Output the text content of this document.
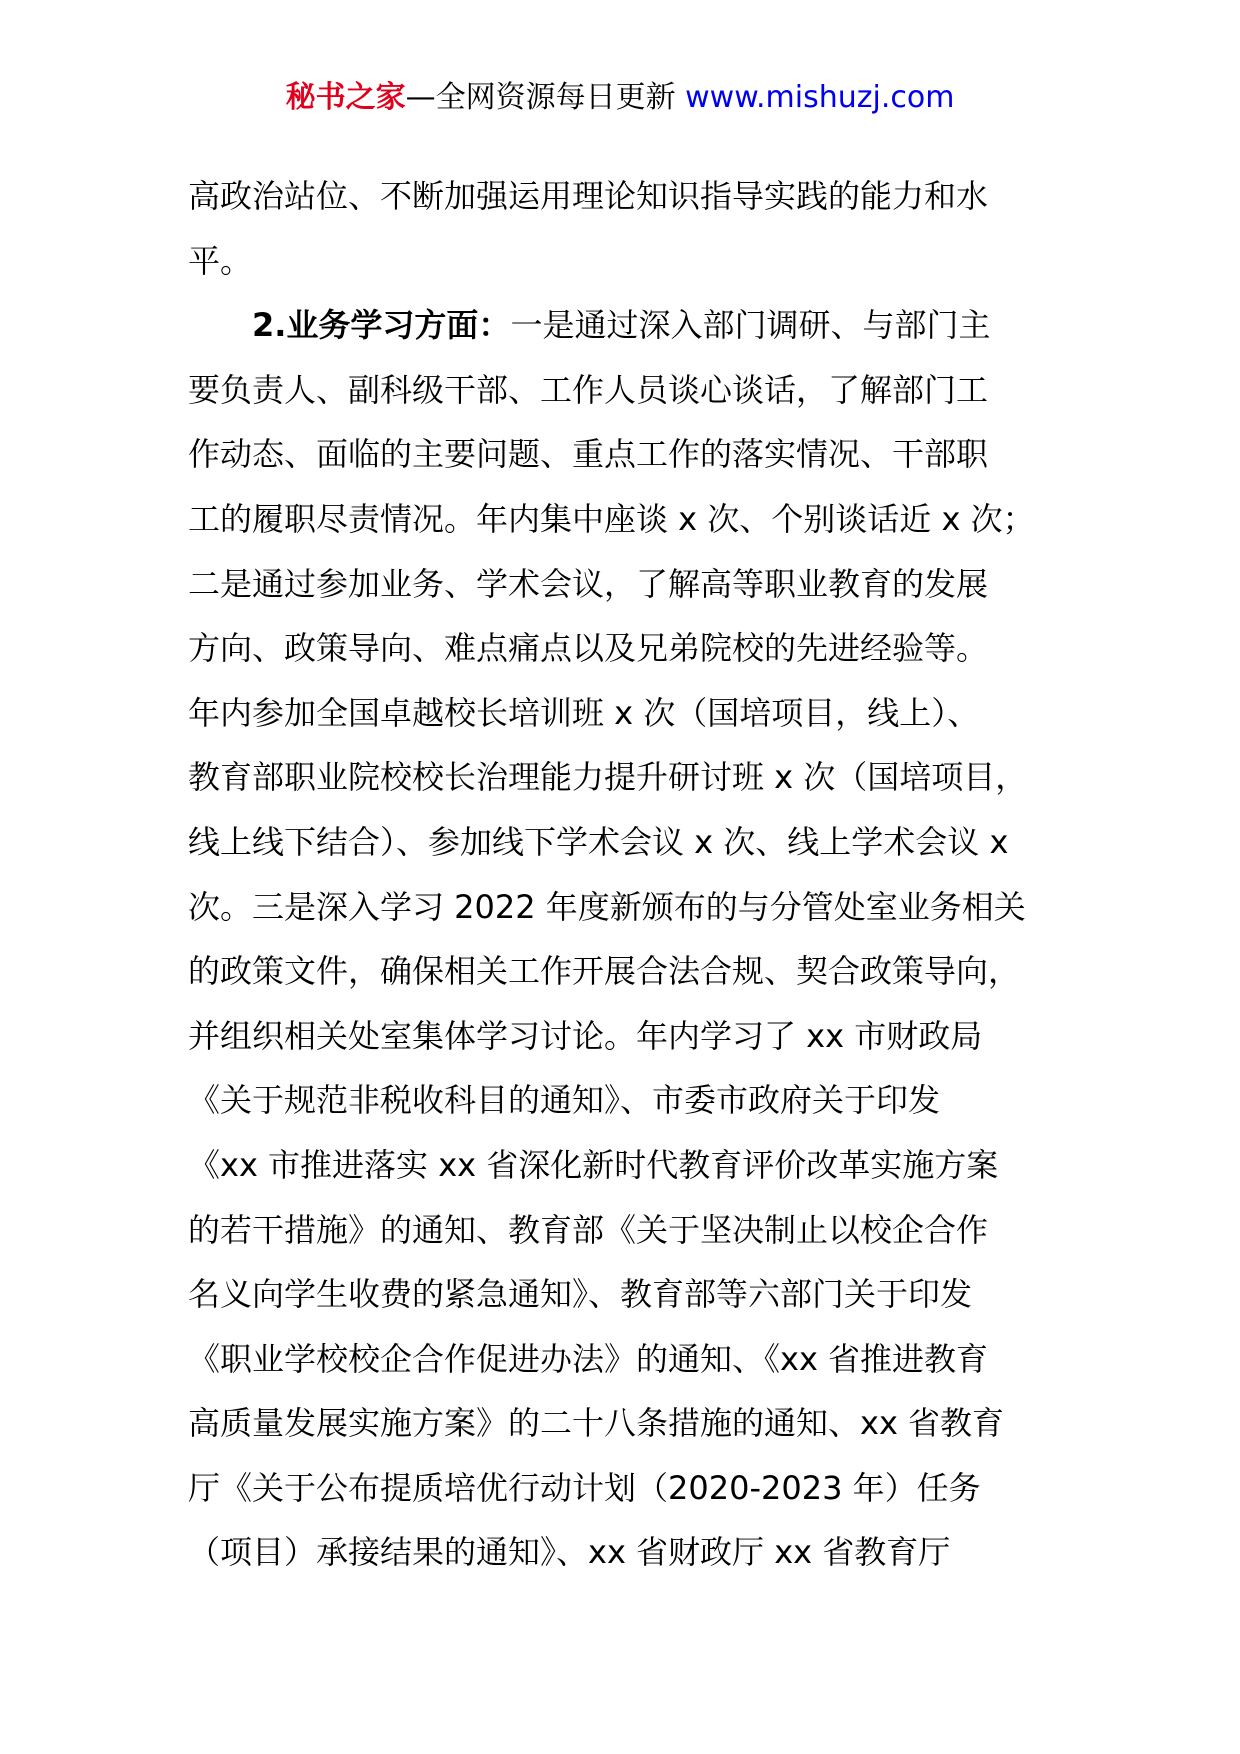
秘书之家—全网资源每日更新 www.mishuzj.com
高政治站位、不断加强运用理论知识指导实践的能力和水
平。
2.业务学习方面：一是通过深入部门调研、与部门主
要负责人、副科级干部、工作人员谈心谈话，了解部门工
作动态、面临的主要问题、重点工作的落实情况、干部职
工的履职尽责情况。年内集中座谈 x 次、个别谈话近 x 次；
二是通过参加业务、学术会议，了解高等职业教育的发展
方向、政策导向、难点痛点以及兄弟院校的先进经验等。
年内参加全国卓越校长培训班 x 次（国培项目，线上）、
教育部职业院校校长治理能力提升研讨班 x 次（国培项目，
线上线下结合）、参加线下学术会议 x 次、线上学术会议 x
次。三是深入学习 2022 年度新颁布的与分管处室业务相关
的政策文件，确保相关工作开展合法合规、契合政策导向，
并组织相关处室集体学习讨论。年内学习了 xx 市财政局
《关于规范非税收科目的通知》、市委市政府关于印发
《xx 市推进落实 xx 省深化新时代教育评价改革实施方案
的若干措施》的通知、教育部《关于坚决制止以校企合作
名义向学生收费的紧急通知》、教育部等六部门关于印发
《职业学校校企合作促进办法》的通知、《xx 省推进教育
高质量发展实施方案》的二十八条措施的通知、xx 省教育
厅《关于公布提质培优行动计划（2020-2023 年）任务
（项目）承接结果的通知》、xx 省财政厅 xx 省教育厅
